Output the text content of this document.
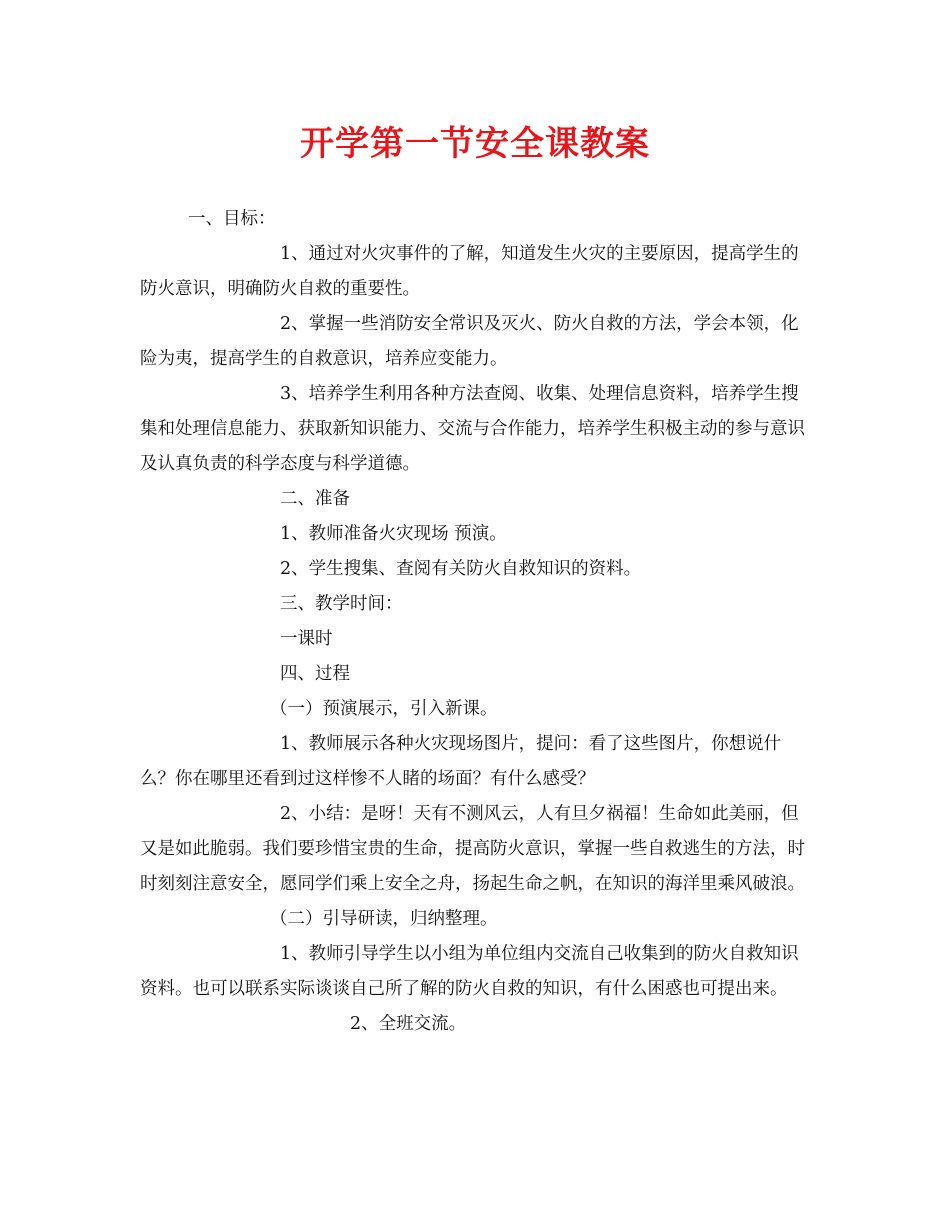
开学第一节安全课教案

一、目标：

1、通过对火灾事件的了解，知道发生火灾的主要原因，提高学生的防火意识，明确防火自救的重要性。

2、掌握一些消防安全常识及灭火、防火自救的方法，学会本领，化险为夷，提高学生的自救意识，培养应变能力。

3、培养学生利用各种方法查阅、收集、处理信息资料，培养学生搜集和处理信息能力、获取新知识能力、交流与合作能力，培养学生积极主动的参与意识及认真负责的科学态度与科学道德。

二、准备

1、教师准备火灾现场 预演。

2、学生搜集、查阅有关防火自救知识的资料。

三、教学时间：

一课时

四、过程

（一）预演展示，引入新课。

1、教师展示各种火灾现场图片，提问：看了这些图片，你想说什么？你在哪里还看到过这样惨不人睹的场面？有什么感受？

2、小结：是呀！天有不测风云，人有旦夕祸福！生命如此美丽，但又是如此脆弱。我们要珍惜宝贵的生命，提高防火意识，掌握一些自救逃生的方法，时时刻刻注意安全，愿同学们乘上安全之舟，扬起生命之帆，在知识的海洋里乘风破浪。

（二）引导研读，归纳整理。

1、教师引导学生以小组为单位组内交流自己收集到的防火自救知识资料。也可以联系实际谈谈自己所了解的防火自救的知识，有什么困惑也可提出来。

2、全班交流。
